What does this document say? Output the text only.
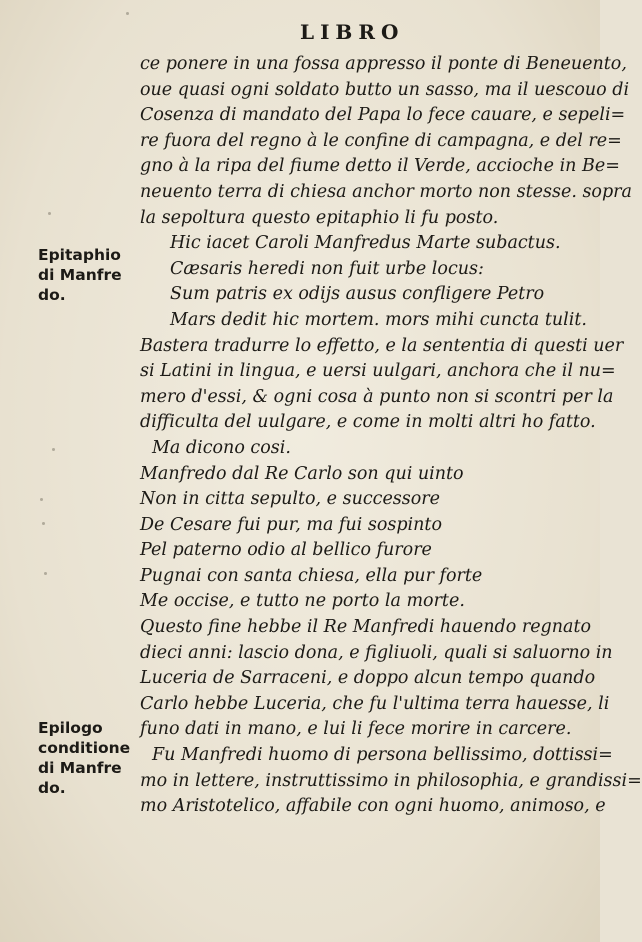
LIBRO
ce ponere in una fossa appresso il ponte di Beneuento,
oue quasi ogni soldato butto un sasso, ma il uescouo di
Cosenza di mandato del Papa lo fece cauare, e sepeli=
re fuora del regno à le confine di campagna, e del re=
gno à la ripa del fiume detto il Verde, accioche in Be=
neuento terra di chiesa anchor morto non stesse. sopra
la sepoltura questo epitaphio li fu posto.
Hic iacet Caroli Manfredus Marte subactus.
Cæsaris heredi non fuit urbe locus:
Sum patris ex odijs ausus confligere Petro
Mars dedit hic mortem. mors mihi cuncta tulit.
Bastera tradurre lo effetto, e la sententia di questi uer
si Latini in lingua, e uersi uulgari, anchora che il nu=
mero d'essi, & ogni cosa à punto non si scontri per la
difficulta del uulgare, e come in molti altri ho fatto.
Ma dicono cosi.
Manfredo dal Re Carlo son qui uinto
Non in citta sepulto, e successore
De Cesare fui pur, ma fui sospinto
Pel paterno odio al bellico furore
Pugnai con santa chiesa, ella pur forte
Me occise, e tutto ne porto la morte.
Questo fine hebbe il Re Manfredi hauendo regnato
dieci anni: lascio dona, e figliuoli, quali si saluorno in
Luceria de Sarraceni, e doppo alcun tempo quando
Carlo hebbe Luceria, che fu l'ultima terra hauesse, li
funo dati in mano, e lui li fece morire in carcere.
Fu Manfredi huomo di persona bellissimo, dottissi=
mo in lettere, instruttissimo in philosophia, e grandissi=
mo Aristotelico, affabile con ogni huomo, animoso, e
Epitaphio
di Manfre
do.
Epilogo
conditione
di Manfre
do.
